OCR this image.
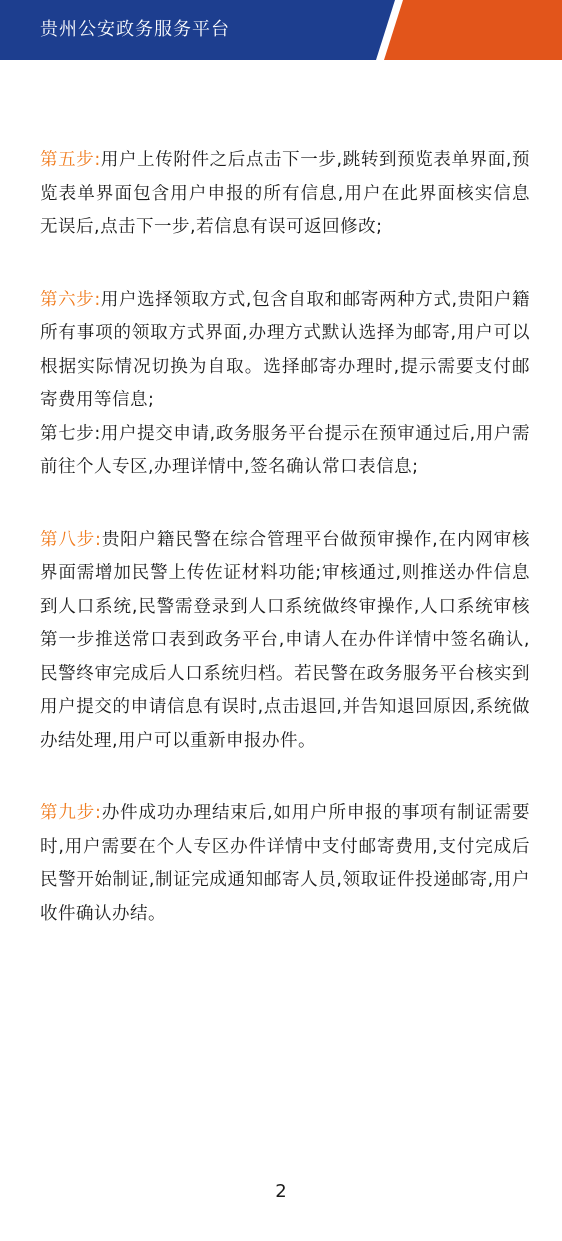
贵州公安政务服务平台

第五步:用户上传附件之后点击下一步,跳转到预览表单界面,预览表单界面包含用户申报的所有信息,用户在此界面核实信息无误后,点击下一步,若信息有误可返回修改;

第六步:用户选择领取方式,包含自取和邮寄两种方式,贵阳户籍所有事项的领取方式界面,办理方式默认选择为邮寄,用户可以根据实际情况切换为自取。选择邮寄办理时,提示需要支付邮寄费用等信息;

第七步:用户提交申请,政务服务平台提示在预审通过后,用户需前往个人专区,办理详情中,签名确认常口表信息;

第八步:贵阳户籍民警在综合管理平台做预审操作,在内网审核界面需增加民警上传佐证材料功能;审核通过,则推送办件信息到人口系统,民警需登录到人口系统做终审操作,人口系统审核第一步推送常口表到政务平台,申请人在办件详情中签名确认,民警终审完成后人口系统归档。若民警在政务服务平台核实到用户提交的申请信息有误时,点击退回,并告知退回原因,系统做办结处理,用户可以重新申报办件。

第九步:办件成功办理结束后,如用户所申报的事项有制证需要时,用户需要在个人专区办件详情中支付邮寄费用,支付完成后民警开始制证,制证完成通知邮寄人员,领取证件投递邮寄,用户收件确认办结。

2
